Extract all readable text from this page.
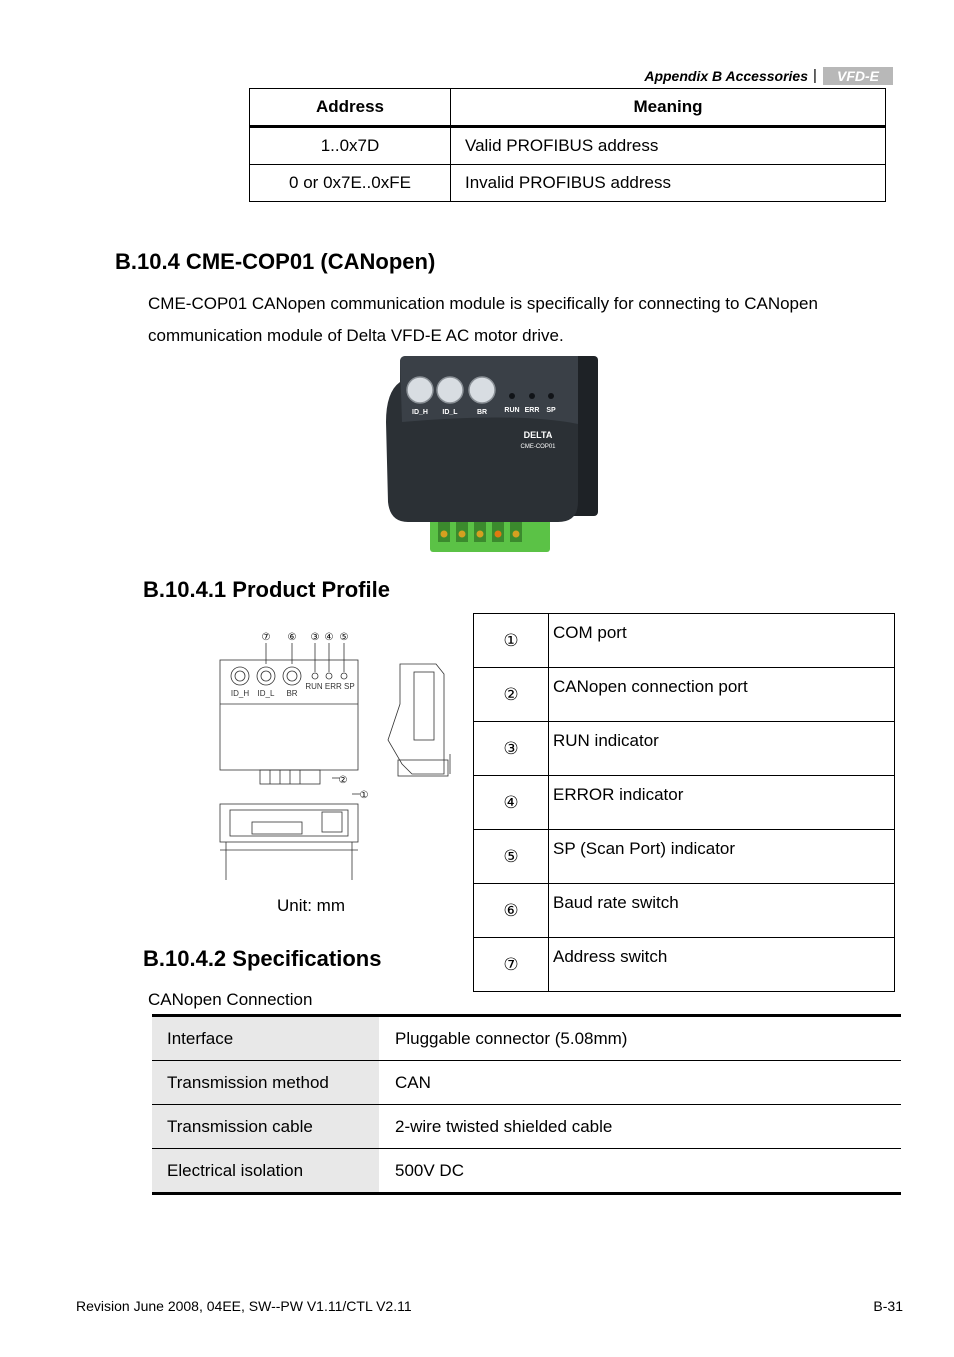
Appendix B Accessories | VFD-E
Address	Meaning
1..0x7D	Valid PROFIBUS address
0 or 0x7E..0xFE	Invalid PROFIBUS address
B.10.4 CME-COP01 (CANopen)
CME-COP01 CANopen communication module is specifically for connecting to CANopen communication module of Delta VFD-E AC motor drive.
ID_H ID_L	BR RUN ERR SP
DELTA
CME-COP01
B.10.4.1 Product Profile
⑦ ⑥ ③ ④ ⑤
②
①
ID_H ID_L BR
RUN ERR SP
Unit: mm
①	COM port
②	CANopen connection port
③	RUN indicator
④	ERROR indicator
⑤	SP (Scan Port) indicator
⑥	Baud rate switch
⑦	Address switch
B.10.4.2 Specifications
CANopen Connection
Interface	Pluggable connector (5.08mm)
Transmission method	CAN
Transmission cable	2-wire twisted shielded cable
Electrical isolation	500V DC
Revision June 2008, 04EE, SW--PW V1.11/CTL V2.11	B-31
